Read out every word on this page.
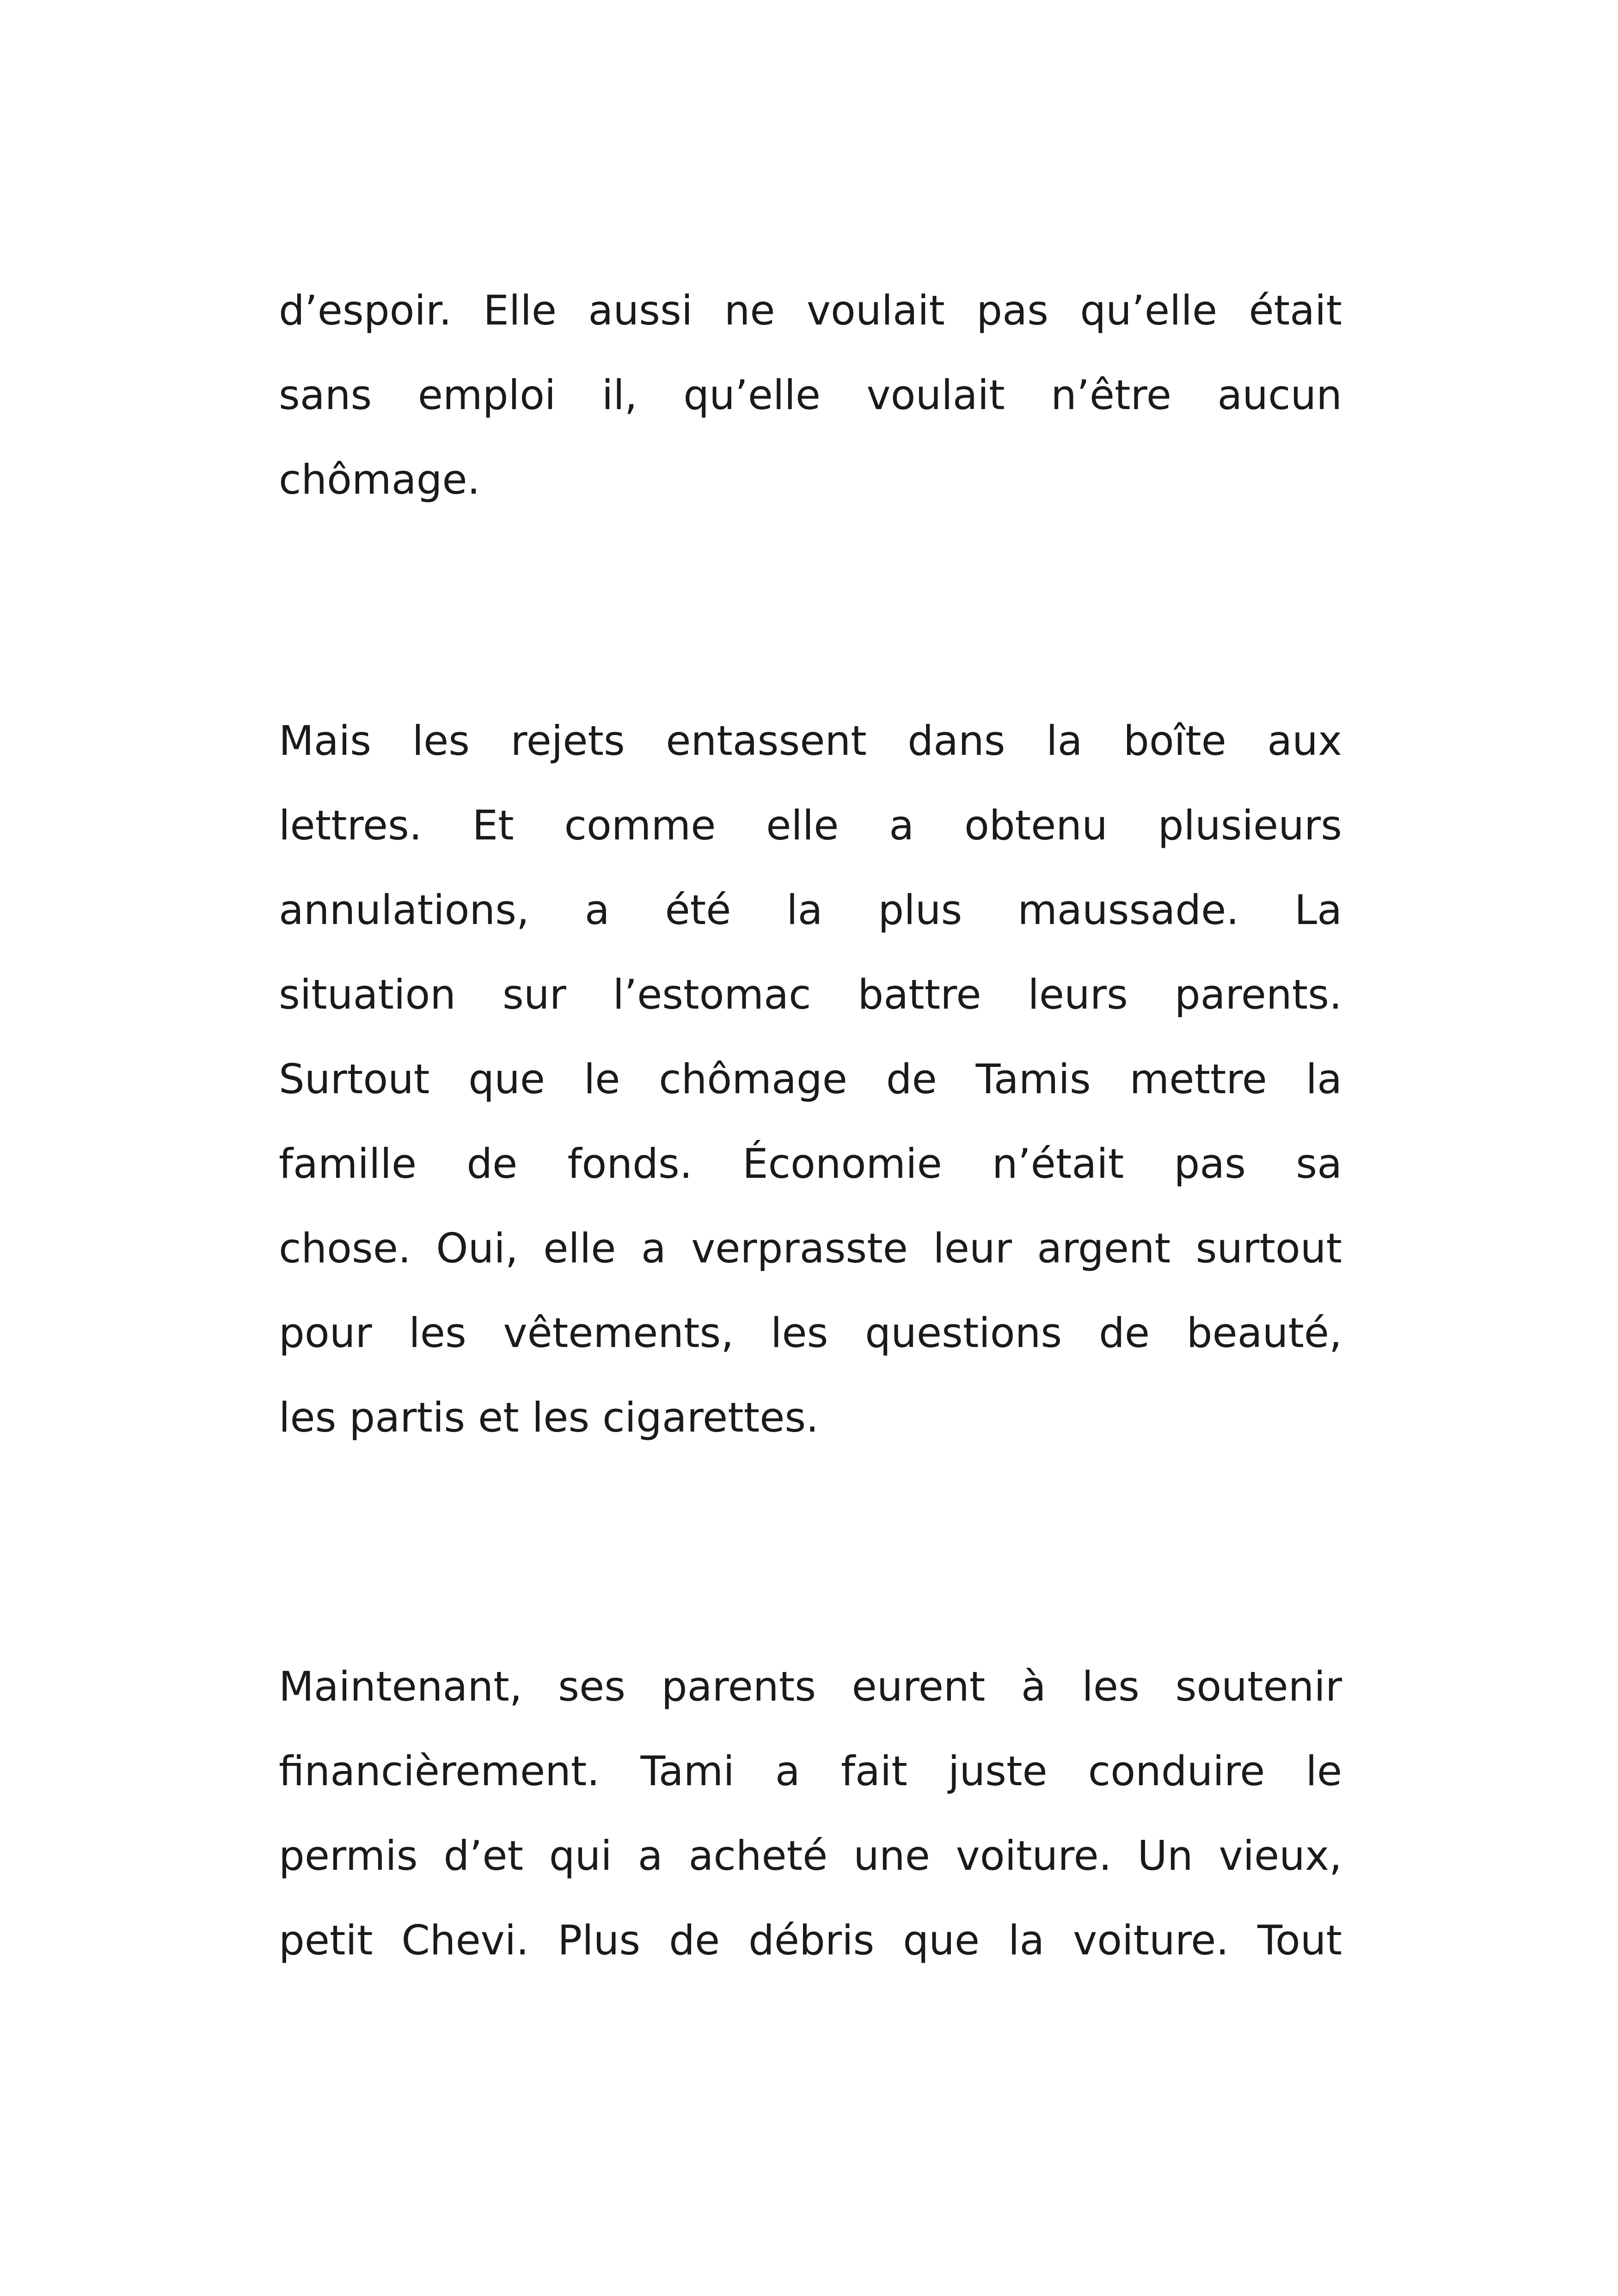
d’espoir. Elle aussi ne voulait pas qu’elle était
sans emploi il, qu’elle voulait n’être aucun
chômage.

Mais les rejets entassent dans la boîte aux
lettres. Et comme elle a obtenu plusieurs
annulations, a été la plus maussade. La
situation sur l’estomac battre leurs parents.
Surtout que le chômage de Tamis mettre la
famille de fonds. Économie n’était pas sa
chose. Oui, elle a verprasste leur argent surtout
pour les vêtements, les questions de beauté,
les partis et les cigarettes.

Maintenant, ses parents eurent à les soutenir
financièrement. Tami a fait juste conduire le
permis d’et qui a acheté une voiture. Un vieux,
petit Chevi. Plus de débris que la voiture. Tout
